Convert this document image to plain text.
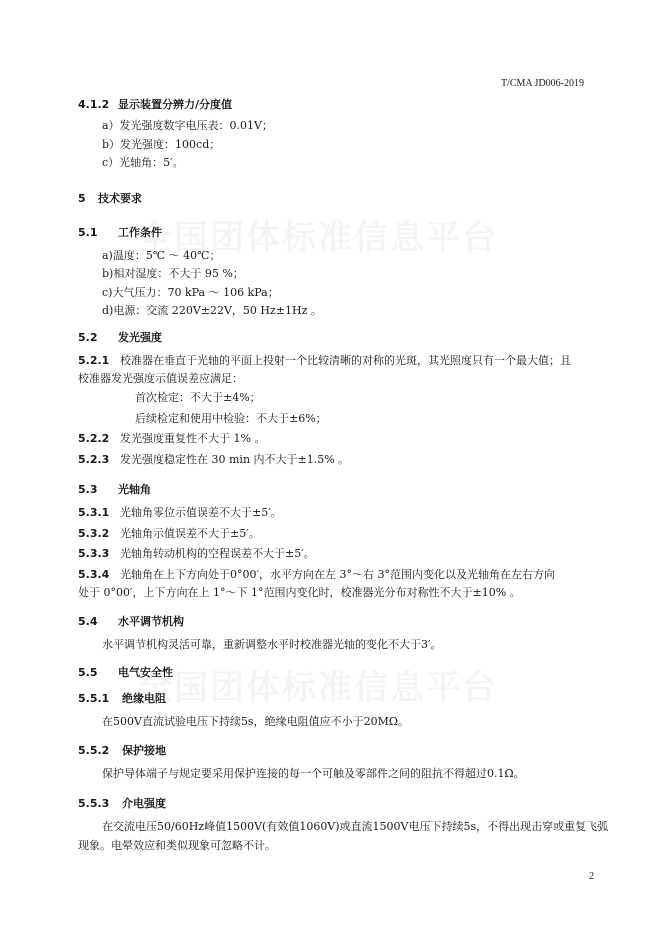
T/CMA JD006-2019
4.1.2 显示装置分辨力/分度值
a）发光强度数字电压表：0.01V；
b）发光强度：100cd；
c）光轴角：5′。
5 技术要求
5.1 工作条件
a)温度：5℃ ～ 40℃；
b)相对湿度：不大于 95 %；
c)大气压力：70 kPa ～ 106 kPa；
d)电源：交流 220V±22V，50 Hz±1Hz 。
5.2 发光强度
5.2.1 校准器在垂直于光轴的平面上投射一个比较清晰的对称的光斑，其光照度只有一个最大值；且
校准器发光强度示值误差应满足：
首次检定：不大于±4%；
后续检定和使用中检验：不大于±6%；
5.2.2 发光强度重复性不大于 1% 。
5.2.3 发光强度稳定性在 30 min 内不大于±1.5% 。
5.3 光轴角
5.3.1 光轴角零位示值误差不大于±5′。
5.3.2 光轴角示值误差不大于±5′。
5.3.3 光轴角转动机构的空程误差不大于±5′。
5.3.4 光轴角在上下方向处于0°00′，水平方向在左 3°～右 3°范围内变化以及光轴角在左右方向
处于 0°00′，上下方向在上 1°～下 1°范围内变化时，校准器光分布对称性不大于±10% 。
5.4 水平调节机构
水平调节机构灵活可靠，重新调整水平时校准器光轴的变化不大于3′。
5.5 电气安全性
5.5.1 绝缘电阻
在500V直流试验电压下持续5s，绝缘电阻值应不小于20MΩ。
5.5.2 保护接地
保护导体端子与规定要采用保护连接的每一个可触及零部件之间的阻抗不得超过0.1Ω。
5.5.3 介电强度
在交流电压50/60Hz峰值1500V(有效值1060V)或直流1500V电压下持续5s，不得出现击穿或重复飞弧
现象。电晕效应和类似现象可忽略不计。
2
